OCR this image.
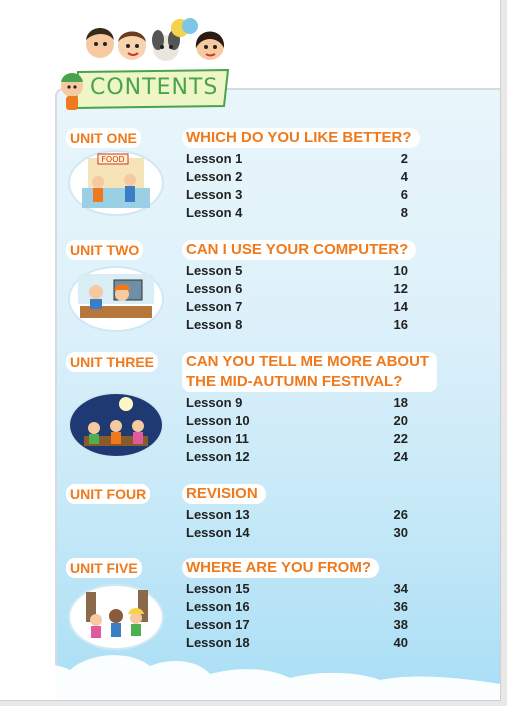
CONTENTS
UNIT ONE	WHICH DO YOU LIKE BETTER?
FOOD	Lesson 1	2
Lesson 2	4
Lesson 3	6
Lesson 4	8
UNIT TWO	CAN I USE YOUR COMPUTER?
Lesson 5	10
Lesson 6	12
Lesson 7	14
Lesson 8	16
UNIT THREE CAN YOU TELL ME MORE ABOUT
THE MID-AUTUMN FESTIVAL?
Lesson 9	18
Lesson 10	20
Lesson 11	22
Lesson 12	24
UNIT FOUR	REVISION
Lesson 13	26
Lesson 14	30
UNIT FIVE	WHERE ARE YOU FROM?
Lesson 15	34
Lesson 16	36
Lesson 17	38
Lesson 18	40
